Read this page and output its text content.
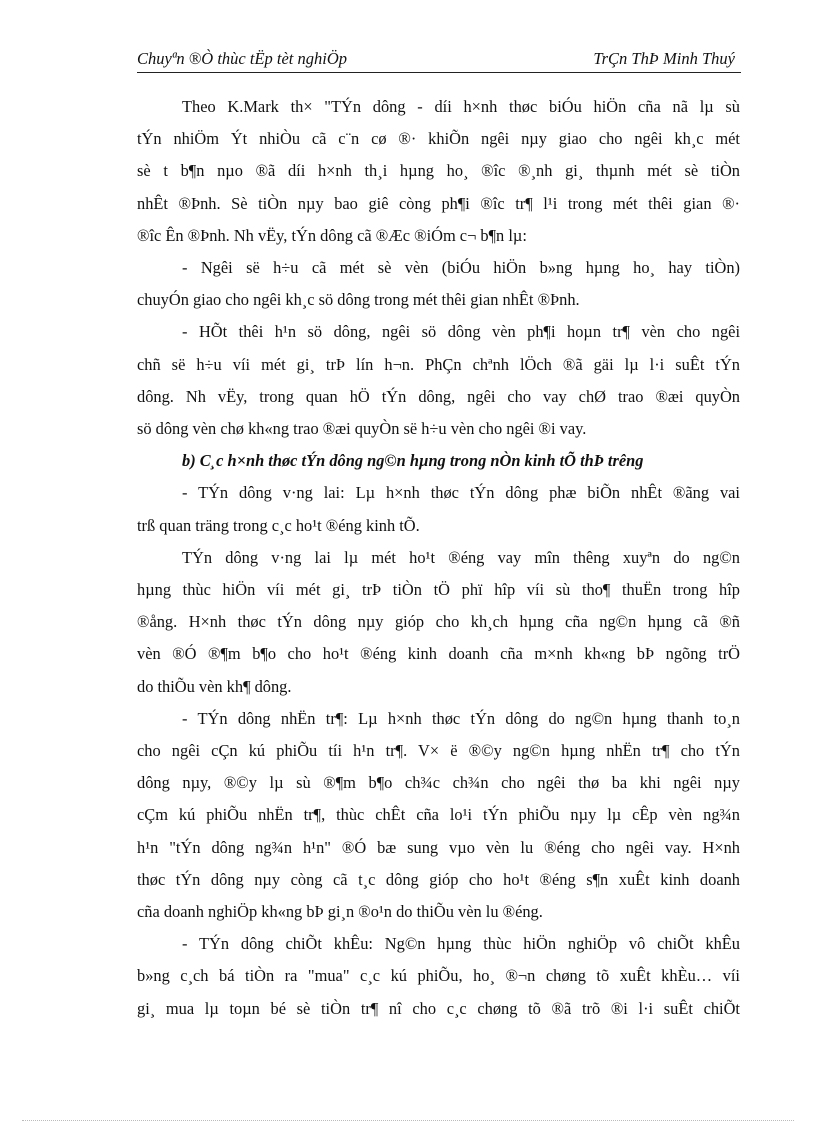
Chuyªn ®Ò thùc tËp tèt nghiÖp	TrÇn ThÞ Minh Thuý

Theo K.Mark th× "TÝn dông - díi h×nh thøc biÓu hiÖn cña nã lµ sù

tÝn nhiÖm Ýt nhiÒu cã c¨n cø ®· khiÕn ngêi nµy giao cho ngêi kh¸c mét

sè t b¶n nµo ®ã díi h×nh th¸i hµng ho¸ ®îc ®¸nh gi¸ thµnh mét sè tiÒn

nhÊt ®Þnh. Sè tiÒn nµy bao giê còng ph¶i ®îc tr¶ l¹i trong mét thêi gian ®·

®îc Ên ®Þnh. Nh vËy, tÝn dông cã ®Æc ®iÓm c¬ b¶n lµ:

- Ngêi së h÷u cã mét sè vèn (biÓu hiÖn b»ng hµng ho¸ hay tiÒn)

chuyÓn giao cho ngêi kh¸c sö dông trong mét thêi gian nhÊt ®Þnh.

- HÕt thêi h¹n sö dông, ngêi sö dông vèn ph¶i hoµn tr¶ vèn cho ngêi

chñ së h÷u víi mét gi¸ trÞ lín h¬n. PhÇn chªnh lÖch ®ã gäi lµ l·i suÊt tÝn

dông. Nh vËy, trong quan hÖ tÝn dông, ngêi cho vay chØ trao ®æi quyÒn

sö dông vèn chø kh«ng trao ®æi quyÒn së h÷u vèn cho ngêi ®i vay.

b) C¸c h×nh thøc tÝn dông ng©n hµng trong nÒn kinh tÕ thÞ trêng

- TÝn dông v·ng lai: Lµ h×nh thøc tÝn dông phæ biÕn nhÊt ®ãng vai

trß quan träng trong c¸c ho¹t ®éng kinh tÕ.

TÝn dông v·ng lai lµ mét ho¹t ®éng vay mîn thêng xuyªn do ng©n

hµng thùc hiÖn víi mét gi¸ trÞ tiÒn tÖ phï hîp víi sù tho¶ thuËn trong hîp

®ång. H×nh thøc tÝn dông nµy gióp cho kh¸ch hµng cña ng©n hµng cã ®ñ

vèn ®Ó ®¶m b¶o cho ho¹t ®éng kinh doanh cña m×nh kh«ng bÞ ngõng trÖ

do thiÕu vèn kh¶ dông.

- TÝn dông nhËn tr¶: Lµ h×nh thøc tÝn dông do ng©n hµng thanh to¸n

cho ngêi cÇn kú phiÕu tíi h¹n tr¶. V× ë ®©y ng©n hµng nhËn tr¶ cho tÝn

dông nµy, ®©y lµ sù ®¶m b¶o ch¾c ch¾n cho ngêi thø ba khi ngêi nµy

cÇm kú phiÕu nhËn tr¶, thùc chÊt cña lo¹i tÝn phiÕu nµy lµ cÊp vèn ng¾n

h¹n "tÝn dông ng¾n h¹n" ®Ó bæ sung vµo vèn lu ®éng cho ngêi vay. H×nh

thøc tÝn dông nµy còng cã t¸c dông gióp cho ho¹t ®éng s¶n xuÊt kinh doanh

cña doanh nghiÖp kh«ng bÞ gi¸n ®o¹n do thiÕu vèn lu ®éng.

- TÝn dông chiÕt khÊu: Ng©n hµng thùc hiÖn nghiÖp vô chiÕt khÊu

b»ng c¸ch bá tiÒn ra "mua" c¸c kú phiÕu, ho¸ ®¬n chøng tõ xuÊt khÈu… víi

gi¸ mua lµ toµn bé sè tiÒn tr¶ nî cho c¸c chøng tõ ®ã trõ ®i l·i suÊt chiÕt
